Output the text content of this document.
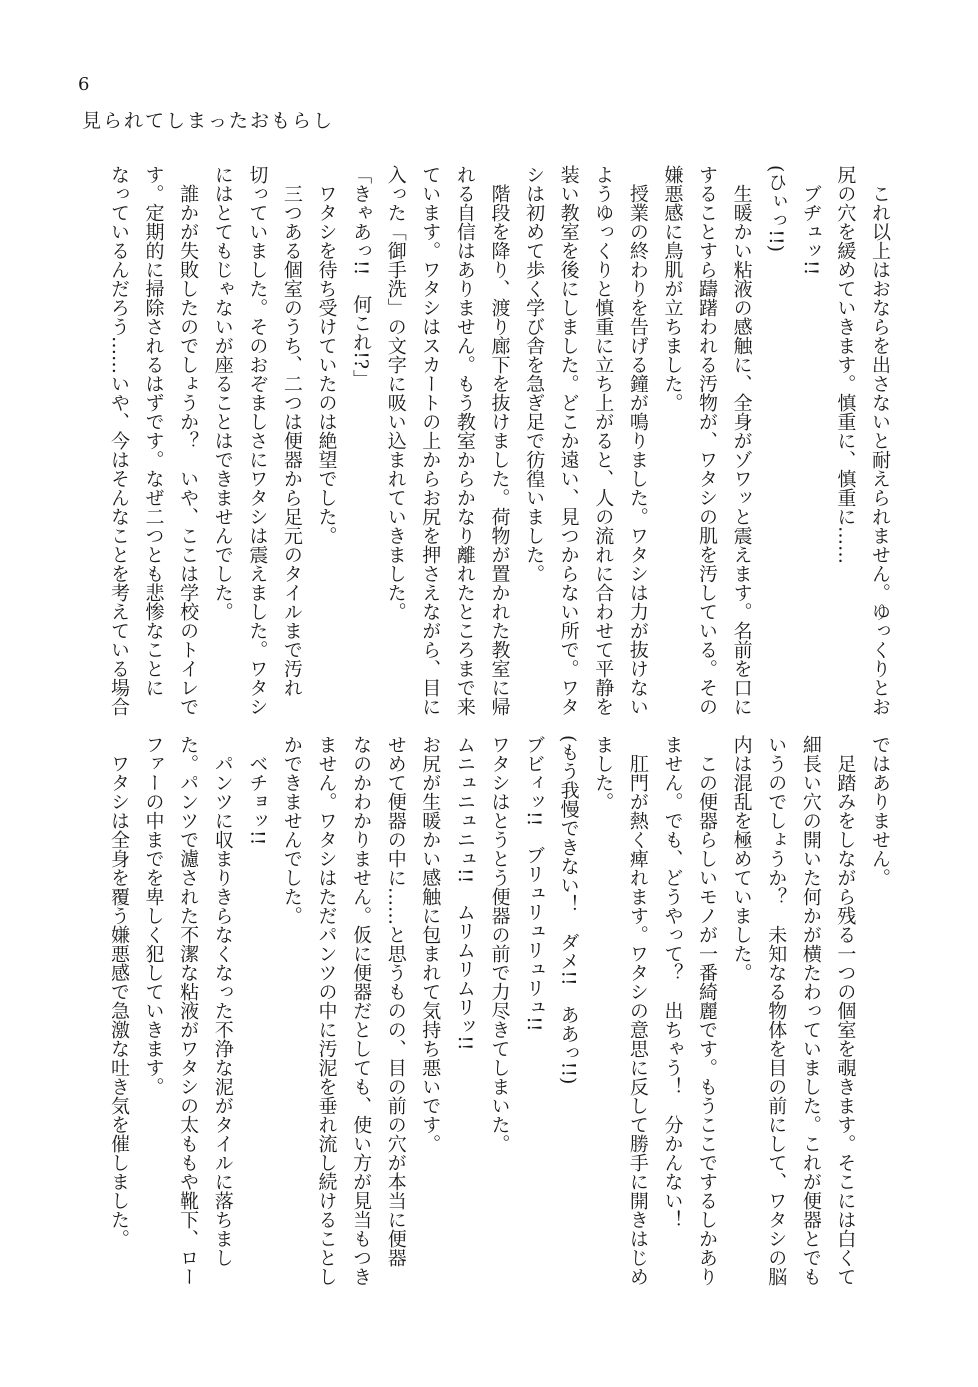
6
見られてしまったおもらし
　これ以上はおならを出さないと耐えられません。ゆっくりとお
尻の穴を緩めていきます。慎重に、慎重に……
　ブヂュッ!!
(ひぃっ!!)
　生暖かい粘液の感触に、全身がゾワッと震えます。名前を口に
することすら躊躇われる汚物が、ワタシの肌を汚している。その
嫌悪感に鳥肌が立ちました。
　授業の終わりを告げる鐘が鳴りました。ワタシは力が抜けない
ようゆっくりと慎重に立ち上がると、人の流れに合わせて平静を
装い教室を後にしました。どこか遠い、見つからない所で。ワタ
シは初めて歩く学び舎を急ぎ足で彷徨いました。
　階段を降り、渡り廊下を抜けました。荷物が置かれた教室に帰
れる自信はありません。もう教室からかなり離れたところまで来
ています。ワタシはスカートの上からお尻を押さえながら、目に
入った「御手洗」の文字に吸い込まれていきました。
「きゃあっ!!　何これ!?」
　ワタシを待ち受けていたのは絶望でした。
　三つある個室のうち、二つは便器から足元のタイルまで汚れ
切っていました。そのおぞましさにワタシは震えました。ワタシ
にはとてもじゃないが座ることはできませんでした。
　誰かが失敗したのでしょうか？　いや、ここは学校のトイレで
す。定期的に掃除されるはずです。なぜ二つとも悲惨なことに
なっているんだろう……いや、今はそんなことを考えている場合
ではありません。
　足踏みをしながら残る一つの個室を覗きます。そこには白くて
細長い穴の開いた何かが横たわっていました。これが便器とでも
いうのでしょうか？　未知なる物体を目の前にして、ワタシの脳
内は混乱を極めていました。
　この便器らしいモノが一番綺麗です。もうここでするしかあり
ません。でも、どうやって？　出ちゃう！　分かんない！
　肛門が熱く痺れます。ワタシの意思に反して勝手に開きはじめ
ました。
(もう我慢できない！　ダメ!!　ああっ!!)
ブビィッ!!　ブリュリュリュリュ!!
ワタシはとうとう便器の前で力尽きてしまいた。
ムニュニュニュ!!　ムリムリムリッ!!
お尻が生暖かい感触に包まれて気持ち悪いです。
せめて便器の中に……と思うものの、目の前の穴が本当に便器
なのかわかりません。仮に便器だとしても、使い方が見当もつき
ません。ワタシはただパンツの中に汚泥を垂れ流し続けることし
かできませんでした。
　ベチョッ!!
　パンツに収まりきらなくなった不浄な泥がタイルに落ちまし
た。パンツで濾された不潔な粘液がワタシの太ももや靴下、ロー
ファーの中までを卑しく犯していきます。
　ワタシは全身を覆う嫌悪感で急激な吐き気を催しました。
